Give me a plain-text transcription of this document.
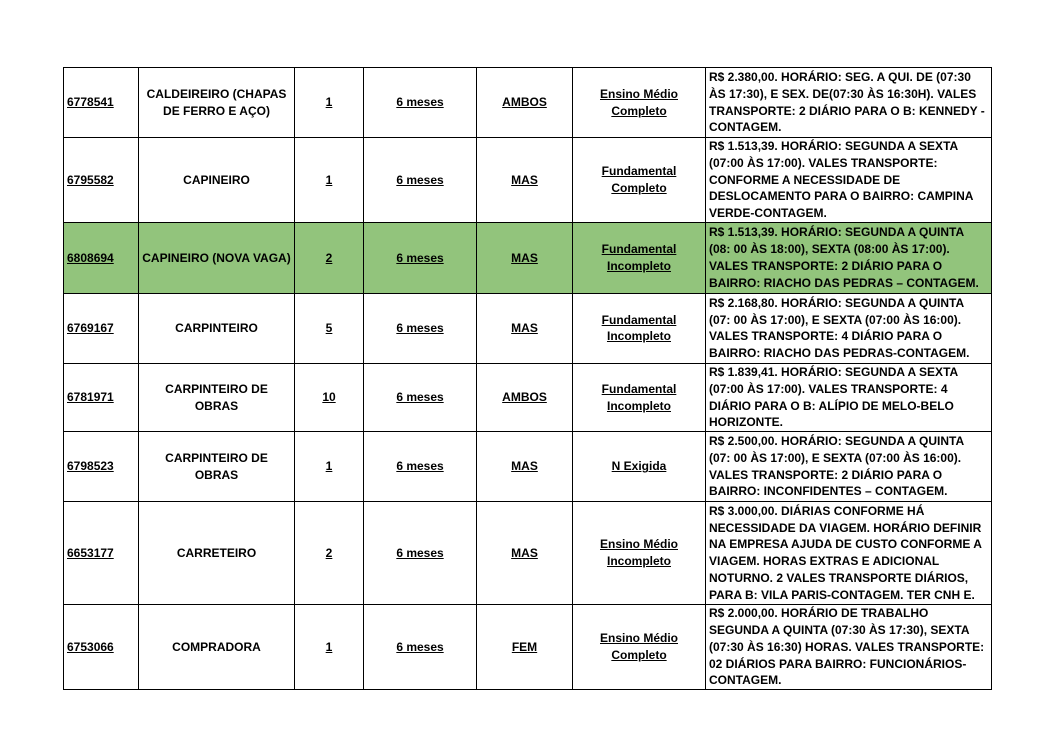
6778541	CALDEIREIRO (CHAPAS DE FERRO E AÇO)	1	6 meses	AMBOS	Ensino Médio Completo	R$ 2.380,00. HORÁRIO: SEG. A QUI. DE (07:30 ÀS 17:30), E SEX. DE(07:30 ÀS 16:30H). VALES TRANSPORTE: 2 DIÁRIO PARA O B: KENNEDY - CONTAGEM.
6795582	CAPINEIRO	1	6 meses	MAS	Fundamental Completo	R$ 1.513,39. HORÁRIO: SEGUNDA A SEXTA (07:00 ÀS 17:00). VALES TRANSPORTE: CONFORME A NECESSIDADE DE DESLOCAMENTO PARA O BAIRRO: CAMPINA VERDE-CONTAGEM.
6808694	CAPINEIRO (NOVA VAGA)	2	6 meses	MAS	Fundamental Incompleto	R$ 1.513,39. HORÁRIO: SEGUNDA A QUINTA (08: 00 ÀS 18:00), SEXTA (08:00 ÀS 17:00). VALES TRANSPORTE: 2 DIÁRIO PARA O BAIRRO: RIACHO DAS PEDRAS – CONTAGEM.
6769167	CARPINTEIRO	5	6 meses	MAS	Fundamental Incompleto	R$ 2.168,80. HORÁRIO: SEGUNDA A QUINTA (07: 00 ÀS 17:00), E SEXTA (07:00 ÀS 16:00). VALES TRANSPORTE: 4 DIÁRIO PARA O BAIRRO: RIACHO DAS PEDRAS-CONTAGEM.
6781971	CARPINTEIRO DE OBRAS	10	6 meses	AMBOS	Fundamental Incompleto	R$ 1.839,41. HORÁRIO: SEGUNDA A SEXTA (07:00 ÀS 17:00). VALES TRANSPORTE: 4 DIÁRIO PARA O B: ALÍPIO DE MELO-BELO HORIZONTE.
6798523	CARPINTEIRO DE OBRAS	1	6 meses	MAS	N Exigida	R$ 2.500,00. HORÁRIO: SEGUNDA A QUINTA (07: 00 ÀS 17:00), E SEXTA (07:00 ÀS 16:00). VALES TRANSPORTE: 2 DIÁRIO PARA O BAIRRO: INCONFIDENTES – CONTAGEM.
6653177	CARRETEIRO	2	6 meses	MAS	Ensino Médio Incompleto	R$ 3.000,00. DIÁRIAS CONFORME HÁ NECESSIDADE DA VIAGEM. HORÁRIO DEFINIR NA EMPRESA AJUDA DE CUSTO CONFORME A VIAGEM. HORAS EXTRAS E ADICIONAL NOTURNO. 2 VALES TRANSPORTE DIÁRIOS, PARA B: VILA PARIS-CONTAGEM. TER CNH E.
6753066	COMPRADORA	1	6 meses	FEM	Ensino Médio Completo	R$ 2.000,00. HORÁRIO DE TRABALHO SEGUNDA A QUINTA (07:30 ÀS 17:30), SEXTA (07:30 ÀS 16:30) HORAS. VALES TRANSPORTE: 02 DIÁRIOS PARA BAIRRO: FUNCIONÁRIOS- CONTAGEM.
